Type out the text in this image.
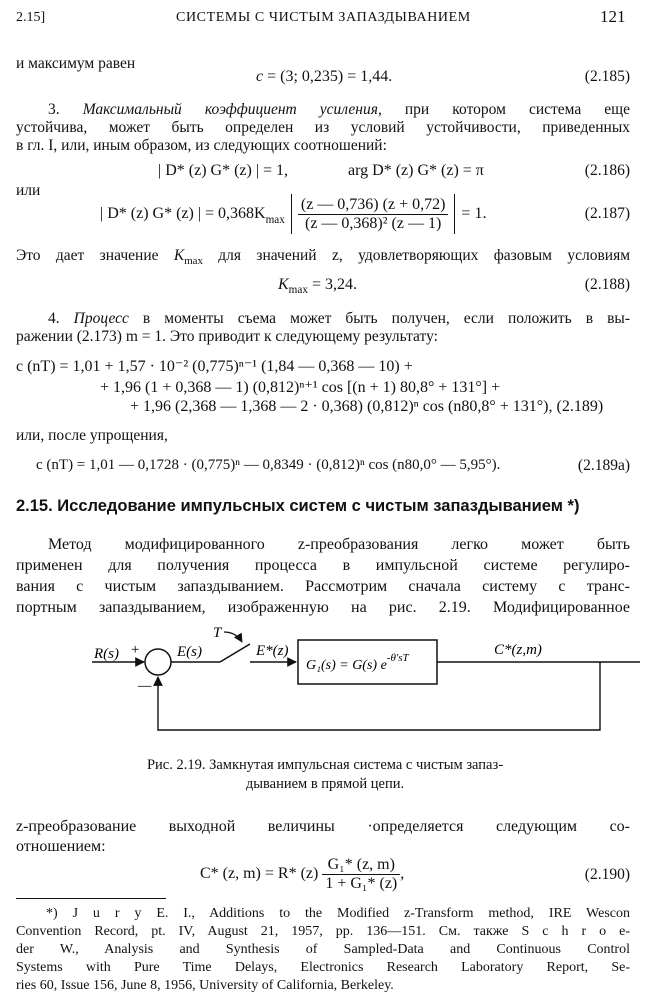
2.15]	СИСТЕМЫ С ЧИСТЫМ ЗАПАЗДЫВАНИЕМ	121
и максимум равен
c = (3; 0,235) = 1,44.	(2.185)
3. Максимальный коэффициент усиления, при котором система еще
устойчива, может быть определен из условий устойчивости, приведенных
в гл. I, или, иным образом, из следующих соотношений:
| D* (z) G* (z) | = 1,	arg D* (z) G* (z) = π	(2.186)
или
| D* (z) G* (z) | = $0,368K_{max} \frac{(z — 0,736) (z + 0,72)}{\text{(z — 0,368)² (z — 1)}} = 1$.	(2.187)
Это дает значение $K_{max}$ для значений z, удовлетворяющих фазовым условиям
$K_{max} = 3,24$.	(2.188)
4. Процесс в моменты съема может быть получен, если положить в вы-
ражении (2.173) m = 1. Это приводит к следующему результату:
c (nT) = 1,01 + 1,57 · 10⁻² (0,775)ⁿ⁻¹ (1,84 — 0,368 — 10) +
+ 1,96 (1 + 0,368 — 1) (0,812)ⁿ⁺¹ cos [(n + 1) 80,8° + 131°] +
+ 1,96 (2,368 — 1,368 — 2 · 0,368) (0,812)ⁿ cos (n80,8° + 131°), (2.189)
или, после упрощения,
c (nT) = 1,01 — 0,1728 · (0,775)ⁿ — 0,8349 · (0,812)ⁿ cos (n80,0° — 5,95°).	(2.189a)
2.15. Исследование импульсных систем с чистым запаздыванием *)
Метод модифицированного z-преобразования легко может быть
применен для получения процесса в импульсной системе регулиро-
вания с чистым запаздыванием. Рассмотрим сначала систему с транс-
портным запаздыванием, изображенную на рис. 2.19. Модифицированное
R(s) +
—
E(s)
T
E*(z)
G₁(s) = G(s) $e^{-\theta'sT}$	C*(z,m)
Рис. 2.19. Замкнутая импульсная система с чистым запаз-
дыванием в прямой цепи.
z-преобразование выходной величины ·определяется следующим со-
отношением:
C* (z, m) = R* $(z) \frac{\text{G₁* (z, m)}}{\text{1 + G₁* (z)}}$ ,	(2.190)
*) J u r y E. I., Additions to the Modified z-Transform method, IRE Wescon
Convention Record, pt. IV, August 21, 1957, pp. 136—151. См. также S c h r o e-
der W., Analysis and Synthesis of Sampled-Data and Continuous Control
Systems with Pure Time Delays, Electronics Research Laboratory Report, Se-
ries 60, Issue 156, June 8, 1956, University of California, Berkeley.
